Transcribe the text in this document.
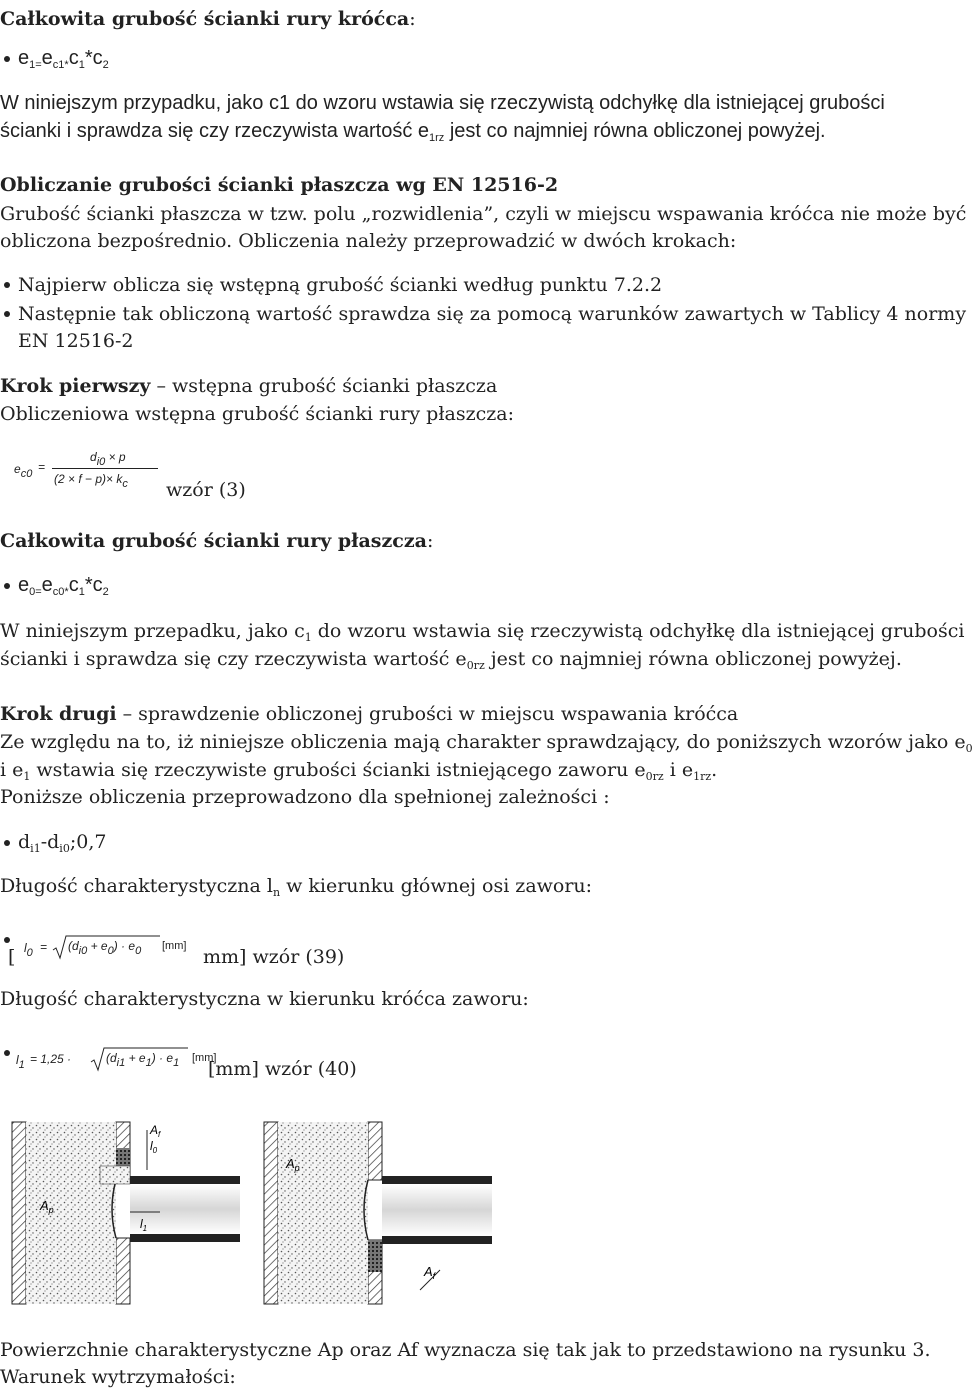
Całkowita grubość ścianki rury króćca:
$e_{1=}e_{c1*}c_1*c_2$
W niniejszym przypadku, jako c1 do wzoru wstawia się rzeczywistą odchyłkę dla istniejącej grubości
ścianki i sprawdza się czy rzeczywista wartość $e_{1rz}$ jest co najmniej równa obliczonej powyżej.
Obliczanie grubości ścianki płaszcza wg EN 12516-2
Grubość ścianki płaszcza w tzw. polu „rozwidlenia”, czyli w miejscu wspawania króćca nie może być
obliczona bezpośrednio. Obliczenia należy przeprowadzić w dwóch krokach:
Najpierw oblicza się wstępną grubość ścianki według punktu 7.2.2
Następnie tak obliczoną wartość sprawdza się za pomocą warunków zawartych w Tablicy 4 normy
EN 12516-2
Krok pierwszy – wstępna grubość ścianki płaszcza
Obliczeniowa wstępna grubość ścianki rury płaszcza:
$e_{c0}$ =
$d_{i0} \times p$
$(2 \times f - p)\times k_c$ wzór (3)
Całkowita grubość ścianki rury płaszcza:
$e_{0=}e_{c0*}c_1*c_2$
W niniejszym przepadku, jako $c_1$ do wzoru wstawia się rzeczywistą odchyłkę dla istniejącej grubości
ścianki i sprawdza się czy rzeczywista wartość $e_{0rz}$ jest co najmniej równa obliczonej powyżej.
Krok drugi – sprawdzenie obliczonej grubości w miejscu wspawania króćca
Ze względu na to, iż niniejsze obliczenia mają charakter sprawdzający, do poniższych wzorów jako $e_0$
i $e_1$ wstawia się rzeczywiste grubości ścianki istniejącego zaworu $e_{0rz}$ i $e_{1rz}$.
Poniższe obliczenia przeprowadzono dla spełnionej zależności :
$d_{i1}-d_{i0};0,7$
Długość charakterystyczna $l_n$ w kierunku głównej osi zaworu:
[ $l_0 = (d_{i0} + e_0) \cdot e_0$ [mm] mm] wzór (39)
Długość charakterystyczna w kierunku króćca zaworu:
$l_1 = 1,25$ ·	$(d_{i1} + e_1) \cdot e_1$ [mm]
[mm] wzór (40)
$A_p$
$l_0$
$l_1$
$A_f$
$A_p$
$A_f$
Powierzchnie charakterystyczne Ap oraz Af wyznacza się tak jak to przedstawiono na rysunku 3.
Warunek wytrzymałości:
